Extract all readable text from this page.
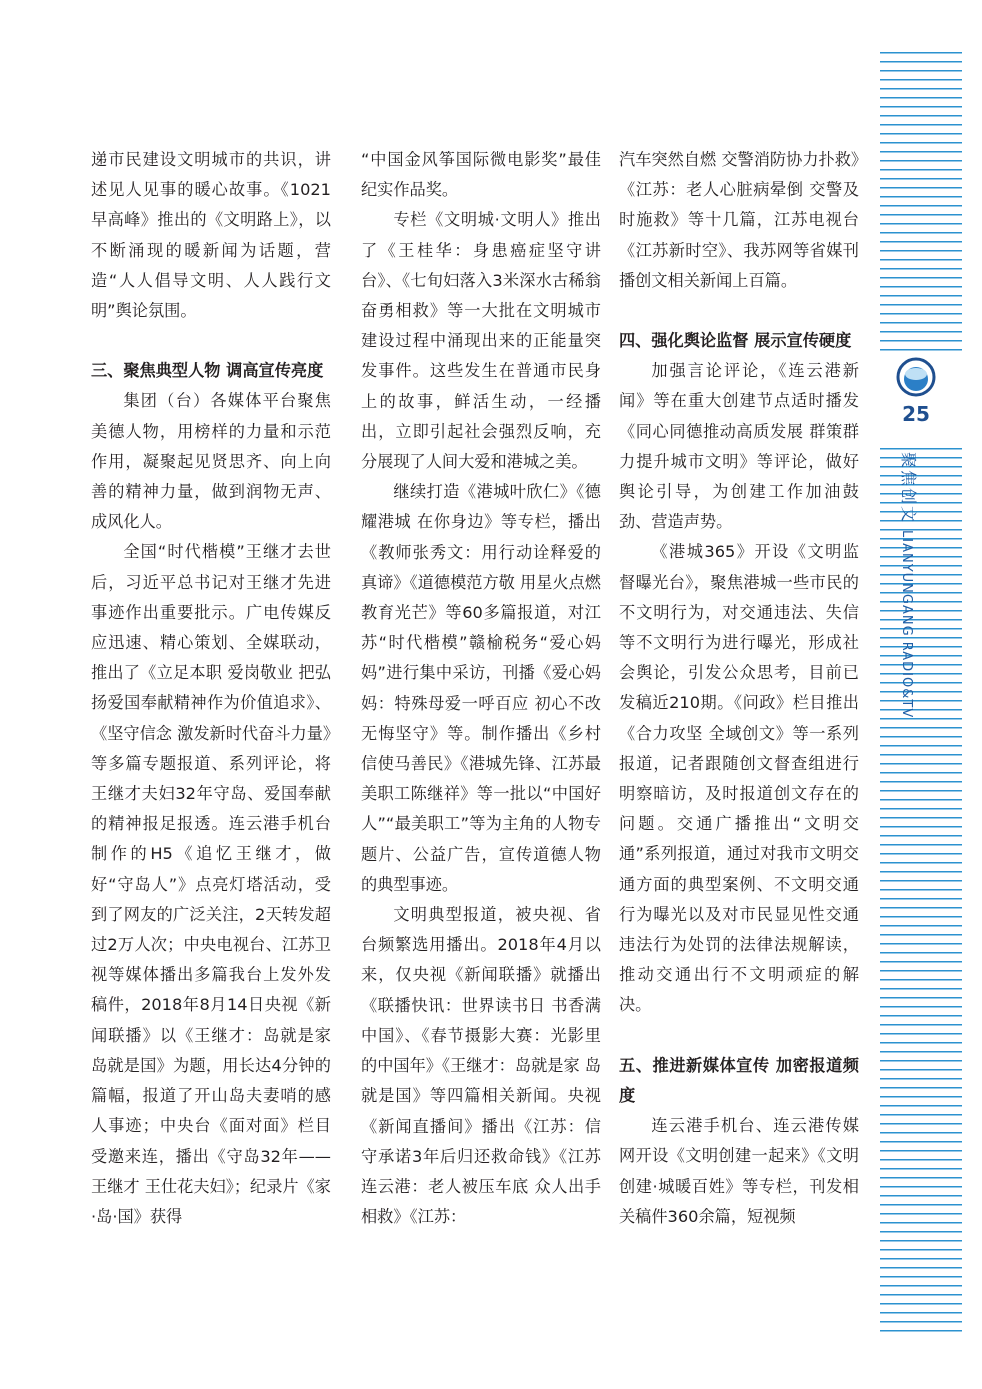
25
聚焦创文LIANYUNGANG RADIO&TV

递市民建设文明城市的共识，讲述见人见事的暖心故事。《1021早高峰》推出的《文明路上》，以不断涌现的暖新闻为话题，营造“人人倡导文明、人人践行文明”舆论氛围。

三、聚焦典型人物 调高宣传亮度

集团（台）各媒体平台聚焦美德人物，用榜样的力量和示范作用，凝聚起见贤思齐、向上向善的精神力量，做到润物无声、成风化人。

全国“时代楷模”王继才去世后，习近平总书记对王继才先进事迹作出重要批示。广电传媒反应迅速、精心策划、全媒联动，推出了《立足本职 爱岗敬业 把弘扬爱国奉献精神作为价值追求》、《坚守信念 激发新时代奋斗力量》等多篇专题报道、系列评论，将王继才夫妇32年守岛、爱国奉献的精神报足报透。连云港手机台制作的H5《追忆王继才，做好“守岛人”》点亮灯塔活动，受到了网友的广泛关注，2天转发超过2万人次；中央电视台、江苏卫视等媒体播出多篇我台上发外发稿件，2018年8月14日央视《新闻联播》以《王继才：岛就是家 岛就是国》为题，用长达4分钟的篇幅，报道了开山岛夫妻哨的感人事迹；中央台《面对面》栏目受邀来连，播出《守岛32年——王继才 王仕花夫妇》；纪录片《家·岛·国》获得

“中国金风筝国际微电影奖”最佳纪实作品奖。

专栏《文明城·文明人》推出了《王桂华：身患癌症坚守讲台》、《七旬妇落入3米深水古稀翁奋勇相救》等一大批在文明城市建设过程中涌现出来的正能量突发事件。这些发生在普通市民身上的故事，鲜活生动，一经播出，立即引起社会强烈反响，充分展现了人间大爱和港城之美。

继续打造《港城叶欣仁》《德耀港城 在你身边》等专栏，播出《教师张秀文：用行动诠释爱的真谛》《道德模范方敬 用星火点燃教育光芒》等60多篇报道，对江苏“时代楷模”赣榆税务“爱心妈妈”进行集中采访，刊播《爱心妈妈：特殊母爱一呼百应 初心不改无悔坚守》等。制作播出《乡村信使马善民》《港城先锋、江苏最美职工陈继祥》等一批以“中国好人”“最美职工”等为主角的人物专题片、公益广告，宣传道德人物的典型事迹。

文明典型报道，被央视、省台频繁选用播出。2018年4月以来，仅央视《新闻联播》就播出《联播快讯：世界读书日 书香满中国》、《春节摄影大赛：光影里的中国年》《王继才：岛就是家 岛就是国》等四篇相关新闻。央视《新闻直播间》播出《江苏：信守承诺3年后归还救命钱》《江苏连云港：老人被压车底 众人出手相救》《江苏：

汽车突然自燃 交警消防协力扑救》《江苏：老人心脏病晕倒 交警及时施救》等十几篇，江苏电视台《江苏新时空》、我苏网等省媒刊播创文相关新闻上百篇。

四、强化舆论监督 展示宣传硬度

加强言论评论，《连云港新闻》等在重大创建节点适时播发《同心同德推动高质发展 群策群力提升城市文明》等评论，做好舆论引导，为创建工作加油鼓劲、营造声势。

《港城365》开设《文明监督曝光台》，聚焦港城一些市民的不文明行为，对交通违法、失信等不文明行为进行曝光，形成社会舆论，引发公众思考，目前已发稿近210期。《问政》栏目推出《合力攻坚 全域创文》等一系列报道，记者跟随创文督查组进行明察暗访，及时报道创文存在的问题。交通广播推出“文明交通”系列报道，通过对我市文明交通方面的典型案例、不文明交通行为曝光以及对市民显见性交通违法行为处罚的法律法规解读，推动交通出行不文明顽症的解决。

五、推进新媒体宣传 加密报道频度

连云港手机台、连云港传媒网开设《文明创建一起来》《文明创建·城暖百姓》等专栏，刊发相关稿件360余篇，短视频
